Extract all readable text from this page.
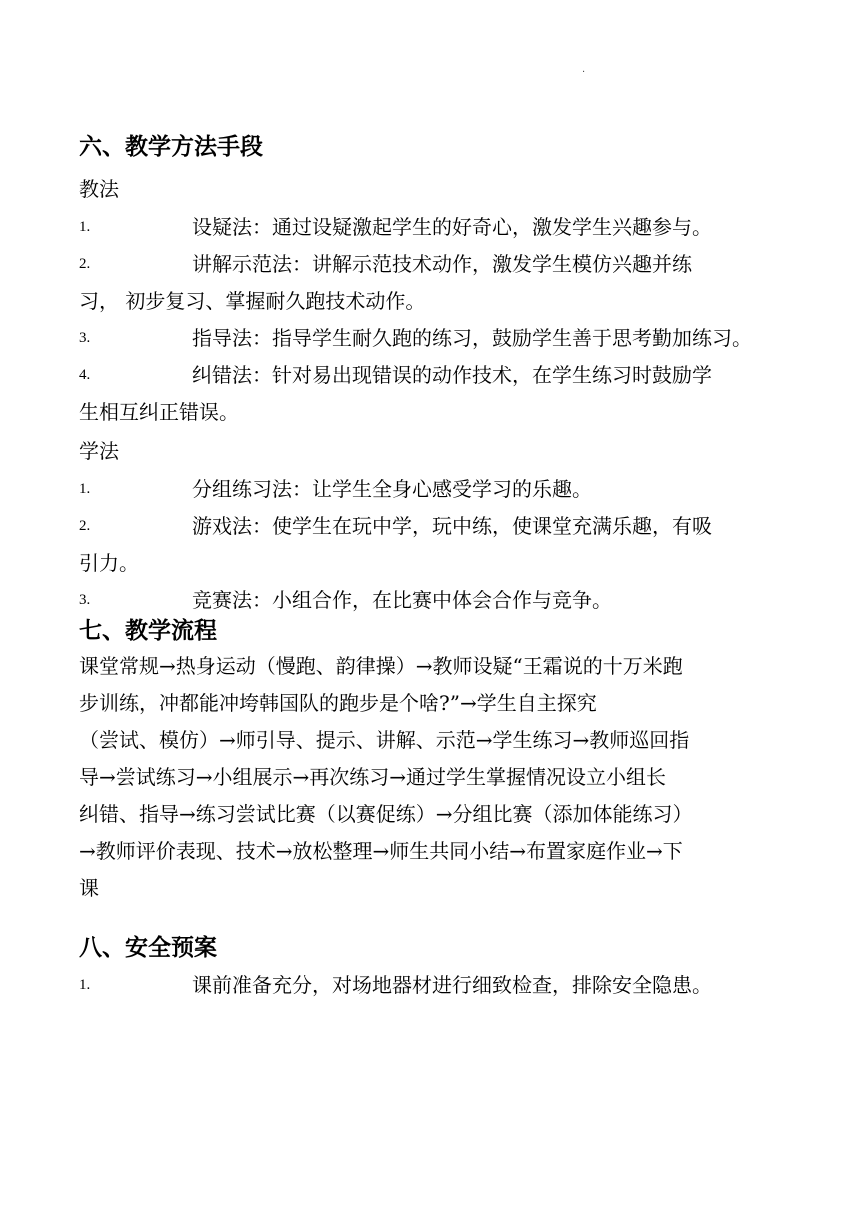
·
六、教学方法手段
教法
1.	设疑法：通过设疑激起学生的好奇心，激发学生兴趣参与。
2.	讲解示范法：讲解示范技术动作，激发学生模仿兴趣并练
习， 初步复习、掌握耐久跑技术动作。
3.	指导法：指导学生耐久跑的练习，鼓励学生善于思考勤加练习。
4.	纠错法：针对易出现错误的动作技术，在学生练习时鼓励学
生相互纠正错误。
学法
1.	分组练习法：让学生全身心感受学习的乐趣。
2.	游戏法：使学生在玩中学，玩中练，使课堂充满乐趣，有吸
引力。
3.	竞赛法：小组合作，在比赛中体会合作与竞争。
七、教学流程
课堂常规→热身运动（慢跑、韵律操）→教师设疑“王霜说的十万米跑
步训练，冲都能冲垮韩国队的跑步是个啥?”→学生自主探究
（尝试、模仿）→师引导、提示、讲解、示范→学生练习→教师巡回指
导→尝试练习→小组展示→再次练习→通过学生掌握情况设立小组长
纠错、指导→练习尝试比赛（以赛促练）→分组比赛（添加体能练习）
→教师评价表现、技术→放松整理→师生共同小结→布置家庭作业→下
课
八、安全预案
1.	课前准备充分，对场地器材进行细致检查，排除安全隐患。
